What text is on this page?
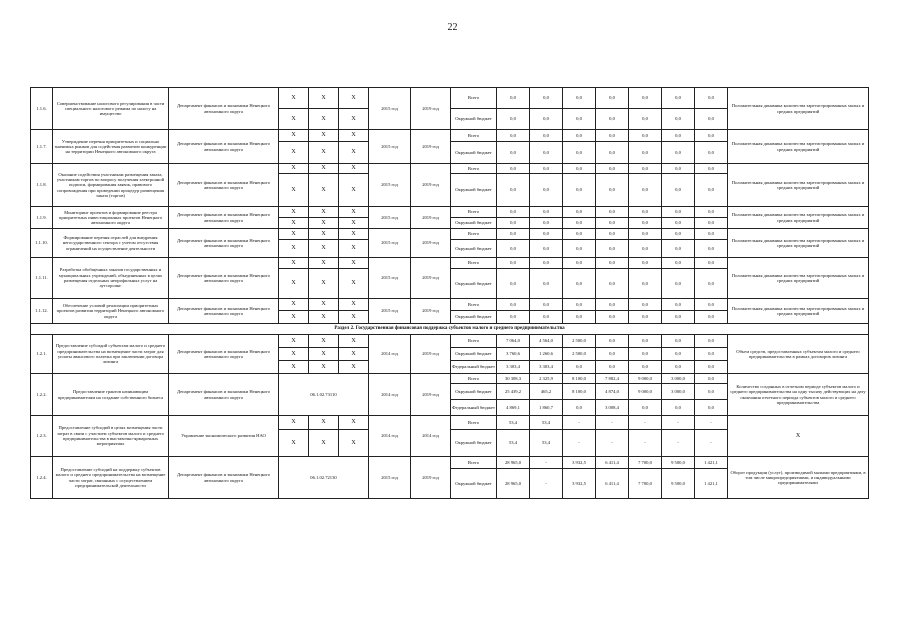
22
1.1.6.	Совершенствование налогового регулирования в части специального налогового режима по налогу на имущество	Департамент финансов и экономики Ненецкого автономного округа	X	X	X	2015 год	2019 год	Всего	0,0	0,0	0,0	0,0	0,0	0,0	0,0	Положительная динамика количества зарегистрированных малых и средних предприятий
			X	X	X			Окружной бюджет	0,0	0,0	0,0	0,0	0,0	0,0	0,0	
1.1.7.	Утверждение перечня приоритетных и социально значимых рынков для содействия развитию конкуренции на территории Ненецкого автономного округа	Департамент финансов и экономики Ненецкого автономного округа	X	X	X	2015 год	2019 год	Всего	0,0	0,0	0,0	0,0	0,0	0,0	0,0	Положительная динамика количества зарегистрированных малых и средних предприятий
			X	X	X			Окружной бюджет	0,0	0,0	0,0	0,0	0,0	0,0	0,0	
1.1.8.	Оказание содействия участникам размещения заказа, участникам торгов по вопросу получения электронной подписи, формирования заявок, правового сопровождения при проведении процедур размещения заказа (торгов)	Департамент финансов и экономики Ненецкого автономного округа	X	X	X	2015 год	2019 год	Всего	0,0	0,0	0,0	0,0	0,0	0,0	0,0	Положительная динамика количества зарегистрированных малых и средних предприятий
			X	X	X			Окружной бюджет	0,0	0,0	0,0	0,0	0,0	0,0	0,0	
1.1.9.	Мониторинг проектов и формирование реестра приоритетных инвестиционных проектов Ненецкого автономного округа	Департамент финансов и экономики Ненецкого автономного округа	X	X	X	2015 год	2019 год	Всего	0,0	0,0	0,0	0,0	0,0	0,0	0,0	Положительная динамика количества зарегистрированных малых и средних предприятий
			X	X	X			Окружной бюджет	0,0	0,0	0,0	0,0	0,0	0,0	0,0	
1.1.10.	Формирование перечня отраслей для внедрения негосударственного сектора с учетом отсутствия ограничений на осуществление деятельности	Департамент финансов и экономики Ненецкого автономного округа	X	X	X	2015 год	2019 год	Всего	0,0	0,0	0,0	0,0	0,0	0,0	0,0	Положительная динамика количества зарегистрированных малых и средних предприятий
			X	X	X			Окружной бюджет	0,0	0,0	0,0	0,0	0,0	0,0	0,0	
1.1.11.	Разработка обобщенных заказов государственных и муниципальных учреждений, объединенных в целях размещения отдельных непрофильных услуг на аутсорсинг	Департамент финансов и экономики Ненецкого автономного округа	X	X	X	2015 год	2019 год	Всего	0,0	0,0	0,0	0,0	0,0	0,0	0,0	Положительная динамика количества зарегистрированных малых и средних предприятий
			X	X	X			Окружной бюджет	0,0	0,0	0,0	0,0	0,0	0,0	0,0	
1.1.12.	Обеспечение условий реализации приоритетных проектов развития территорий Ненецкого автономного округа	Департамент финансов и экономики Ненецкого автономного округа	X	X	X	2015 год	2019 год	Всего	0,0	0,0	0,0	0,0	0,0	0,0	0,0	Положительная динамика количества зарегистрированных малых и средних предприятий
			X	X	X			Окружной бюджет	0,0	0,0	0,0	0,0	0,0	0,0	0,0	
Раздел 2. Государственная финансовая поддержка субъектов малого и среднего предпринимательства																
1.2.1.	Предоставление субсидий субъектам малого и среднего предпринимательства на возмещение части затрат для уплаты авансового платежа при заключении договора лизинга	Департамент финансов и экономики Ненецкого автономного округа	X	X	X	2014 год	2019 год	Всего	7 064,0	4 564,0	2 500,0	0,0	0,0	0,0	0,0	Объем средств, предоставленных субъектам малого и среднего предпринимательства в рамках договоров лизинга
			X	X	X			Окружной бюджет	3 760,6	1 260,6	2 500,0	0,0	0,0	0,0	0,0	
			X	X	X			Федеральный бюджет	3 303,4	3 303,4	0,0	0,0	0,0	0,0	0,0	
1.2.2.	Предоставление грантов начинающим предпринимателям на создание собственного бизнеса	Департамент финансов и экономики Ненецкого автономного округа	06.1.02.73110			2014 год	2019 год	Всего	30 308,3	2 325,9	8 100,0	7 882,4	9 000,0	3 000,0	0,0	Количество созданных в отчетном периоде субъектов малого и среднего предпринимательства на одну тысячу действующих на дату окончания отчетного периода субъектов малого и среднего предпринимательства
								Окружной бюджет	25 439,2	465,2	8 100,0	4 874,0	9 000,0	3 000,0	0,0	
								Федеральный бюджет	4 869,1	1 860,7	0,0	3 008,4	0,0	0,0	0,0	
1.2.3.	Предоставление субсидий в целях возмещения части затрат в связи с участием субъектов малого и среднего предпринимательства в выставочно-ярмарочных мероприятиях	Управление экономического развития НАО	X	X	X	2014 год	2014 год	Всего	53,4	53,4	-	-	-	-	-	X
			X	X	X			Окружной бюджет	53,4	53,4	-	-	-	-	-	
1.2.4.	Предоставление субсидий на поддержку субъектов малого и среднего предпринимательства на возмещение части затрат, связанных с осуществлением предпринимательской деятельности	Департамент финансов и экономики Ненецкого автономного округа	06.1.02.72130			2015 год	2019 год	Всего	28 965,0	-	3 932,5	6 411,4	7 700,0	9 500,0	1 421,1	Оборот продукции (услуг), производимой малыми предприятиями, в том числе микропредприятиями, и индивидуальными предпринимателями
								Окружной бюджет	28 965,0	-	3 932,5	6 411,4	7 700,0	9 500,0	1 421,1	
